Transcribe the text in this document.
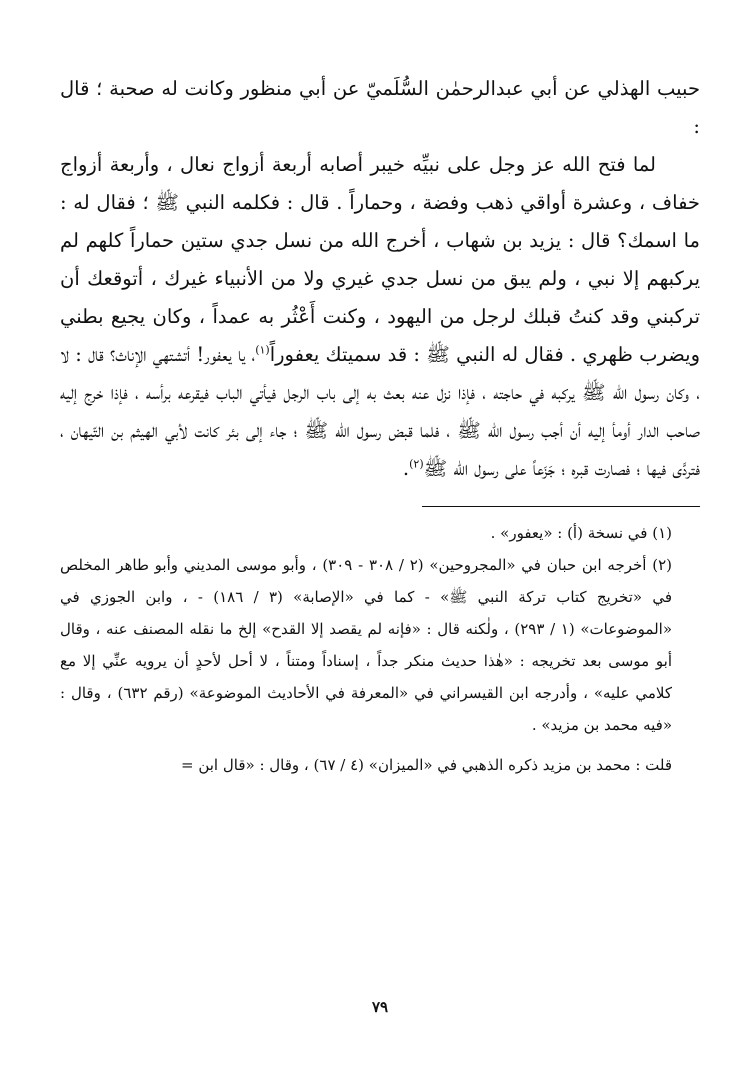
حبيب الهذلي عن أبي عبدالرحمٰن السُّلَميّ عن أبي منظور وكانت له صحبة ؛ قال :

لما فتح الله عز وجل على نبيِّه خيبر أصابه أربعة أزواج نعال ، وأربعة أزواج خفاف ، وعشرة أواقي ذهب وفضة ، وحماراً . قال : فكلمه النبي ﷺ ؛ فقال له : ما اسمك؟ قال : يزيد بن شهاب ، أخرج الله من نسل جدي ستين حماراً كلهم لم يركبهم إلا نبي ، ولم يبق من نسل جدي غيري ولا من الأنبياء غيرك ، أتوقعك أن تركبني وقد كنتُ قبلك لرجل من اليهود ، وكنت أَعْثُر به عمداً ، وكان يجيع بطني ويضرب ظهري . فقال له النبي ﷺ : قد سميتك يعفوراً$^{(١)}$، يا يعفور! أتشتهي الإناث؟ قال : لا ، وكان رسول الله ﷺ يركبه في حاجته ، فإذا نزل عنه بعث به إلى باب الرجل فيأتي الباب فيقرعه برأسه ، فإذا خرج إليه صاحب الدار أومأ إليه أن أجب رسول الله ﷺ ، فلما قبض رسول الله ﷺ ؛ جاء إلى بئر كانت لأبي الهيثم بن التّيهان ، فتردَّى فيها ؛ فصارت قبره ؛ جَزَعاً على رسول الله ﷺ$^{(٢)}$.

(١) في نسخة (أ) : «يعفور» .

(٢) أخرجه ابن حبان في «المجروحين» (٢ / ٣٠٨ - ٣٠٩) ، وأبو موسى المديني وأبو طاهر المخلص في «تخريج كتاب تركة النبي ﷺ» - كما في «الإصابة» (٣ / ١٨٦) - ، وابن الجوزي في «الموضوعات» (١ / ٢٩٣) ، ولٰكنه قال : «فإنه لم يقصد إلا القدح» إلخ ما نقله المصنف عنه ، وقال أبو موسى بعد تخريجه : «هٰذا حديث منكر جداً ، إسناداً ومتناً ، لا أحل لأحدٍ أن يرويه عنِّي إلا مع كلامي عليه» ، وأدرجه ابن القيسراني في «المعرفة في الأحاديث الموضوعة» (رقم ٦٣٢) ، وقال : «فيه محمد بن مزيد» .

قلت : محمد بن مزيد ذكره الذهبي في «الميزان» (٤ / ٦٧) ، وقال : «قال ابن =

٧٩
